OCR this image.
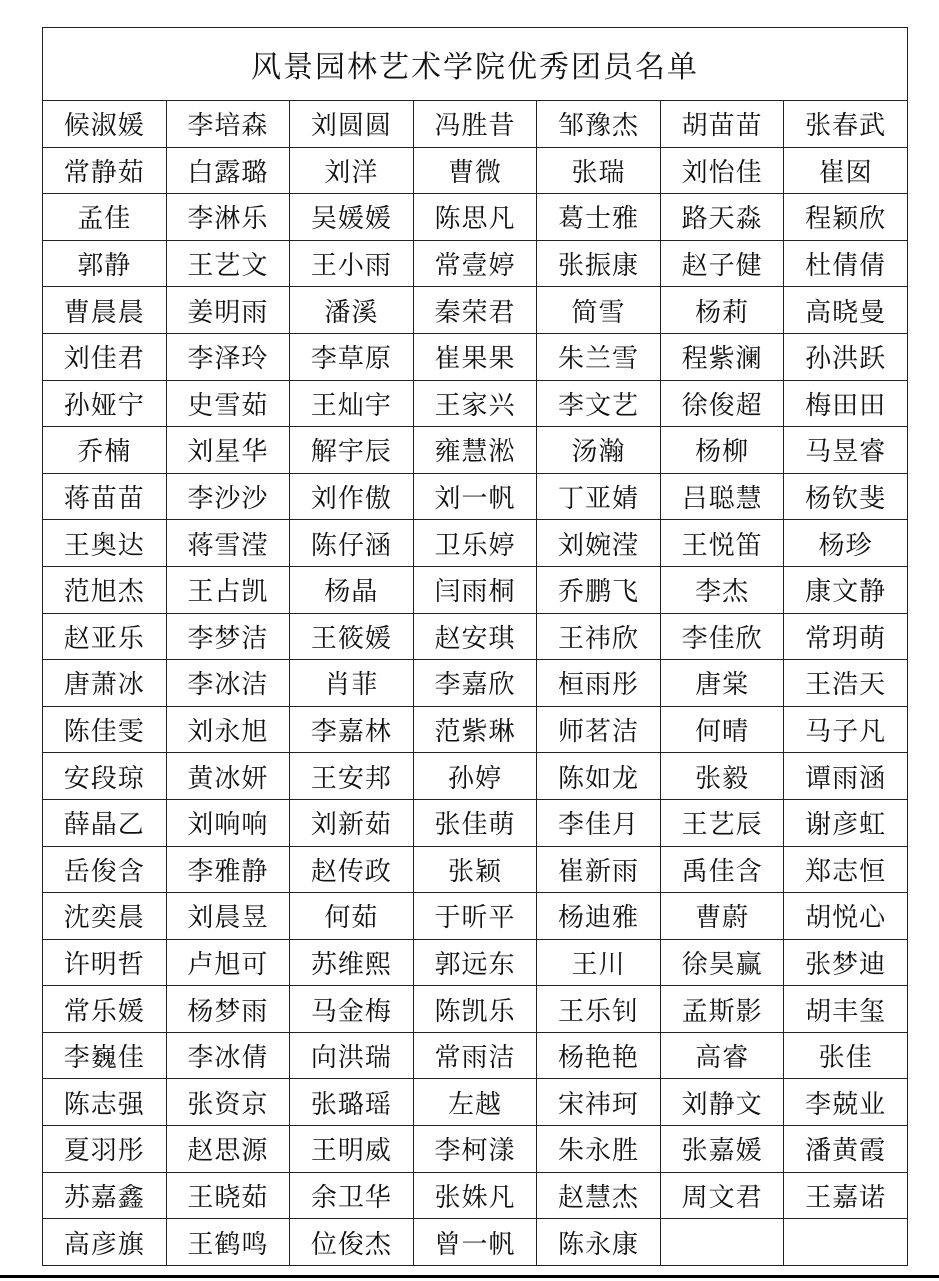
风景园林艺术学院优秀团员名单						
候淑媛	李培森	刘圆圆	冯胜昔	邹豫杰	胡苗苗	张春武
常静茹	白露璐	刘洋	曹微	张瑞	刘怡佳	崔囡
孟佳	李淋乐	吴媛媛	陈思凡	葛士雅	路天淼	程颖欣
郭静	王艺文	王小雨	常壹婷	张振康	赵子健	杜倩倩
曹晨晨	姜明雨	潘溪	秦荣君	简雪	杨莉	高晓曼
刘佳君	李泽玲	李草原	崔果果	朱兰雪	程紫澜	孙洪跃
孙娅宁	史雪茹	王灿宇	王家兴	李文艺	徐俊超	梅田田
乔楠	刘星华	解宇辰	雍慧淞	汤瀚	杨柳	马昱睿
蒋苗苗	李沙沙	刘作傲	刘一帆	丁亚婧	吕聪慧	杨钦斐
王奥达	蒋雪滢	陈仔涵	卫乐婷	刘婉滢	王悦笛	杨珍
范旭杰	王占凯	杨晶	闫雨桐	乔鹏飞	李杰	康文静
赵亚乐	李梦洁	王筱媛	赵安琪	王祎欣	李佳欣	常玥萌
唐萧冰	李冰洁	肖菲	李嘉欣	桓雨彤	唐棠	王浩天
陈佳雯	刘永旭	李嘉林	范紫琳	师茗洁	何晴	马子凡
安段琼	黄冰妍	王安邦	孙婷	陈如龙	张毅	谭雨涵
薛晶乙	刘响响	刘新茹	张佳萌	李佳月	王艺辰	谢彦虹
岳俊含	李雅静	赵传政	张颖	崔新雨	禹佳含	郑志恒
沈奕晨	刘晨昱	何茹	于昕平	杨迪雅	曹蔚	胡悦心
许明哲	卢旭可	苏维熙	郭远东	王川	徐昊赢	张梦迪
常乐媛	杨梦雨	马金梅	陈凯乐	王乐钊	孟斯影	胡丰玺
李巍佳	李冰倩	向洪瑞	常雨洁	杨艳艳	高睿	张佳
陈志强	张资京	张璐瑶	左越	宋祎珂	刘静文	李兢业
夏羽彤	赵思源	王明威	李柯漾	朱永胜	张嘉媛	潘黄霞
苏嘉鑫	王晓茹	余卫华	张姝凡	赵慧杰	周文君	王嘉诺
高彦旗	王鹤鸣	位俊杰	曾一帆	陈永康		
